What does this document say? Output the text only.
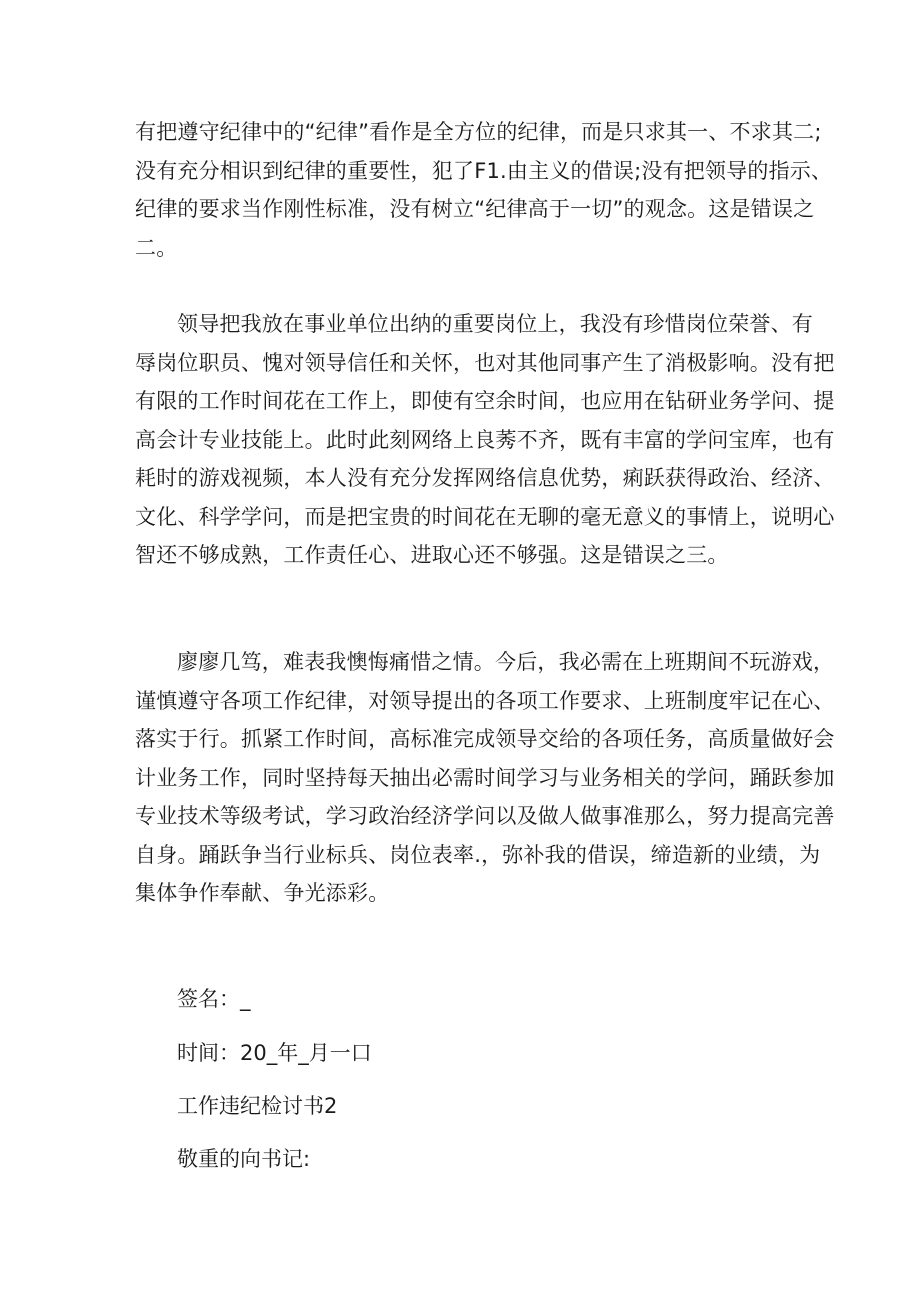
有把遵守纪律中的“纪律”看作是全方位的纪律，而是只求其一、不求其二;
没有充分相识到纪律的重要性，犯了F1.由主义的借误;没有把领导的指示、
纪律的要求当作刚性标准，没有树立“纪律高于一切”的观念。这是错误之
二。

领导把我放在事业单位出纳的重要岗位上，我没有珍惜岗位荣誉、有
辱岗位职员、愧对领导信任和关怀，也对其他同事产生了消极影响。没有把
有限的工作时间花在工作上，即使有空余时间，也应用在钻研业务学问、提
高会计专业技能上。此时此刻网络上良莠不齐，既有丰富的学问宝库，也有
耗时的游戏视频，本人没有充分发挥网络信息优势，痢跃获得政治、经济、
文化、科学学问，而是把宝贵的时间花在无聊的毫无意义的事情上，说明心
智还不够成熟，工作责任心、进取心还不够强。这是错误之三。

廖廖几笃，难表我懊悔痛惜之情。今后，我必需在上班期间不玩游戏，
谨慎遵守各项工作纪律，对领导提出的各项工作要求、上班制度牢记在心、
落实于行。抓紧工作时间，高标准完成领导交给的各项任务，高质量做好会
计业务工作，同时坚持每天抽出必需时间学习与业务相关的学问，踊跃参加
专业技术等级考试，学习政治经济学问以及做人做事准那么，努力提高完善
自身。踊跃争当行业标兵、岗位表率.，弥补我的借误，缔造新的业绩，为
集体争作奉献、争光添彩。

签名：_

时间：20_年_月一口

工作违纪检讨书2

敬重的向书记:
